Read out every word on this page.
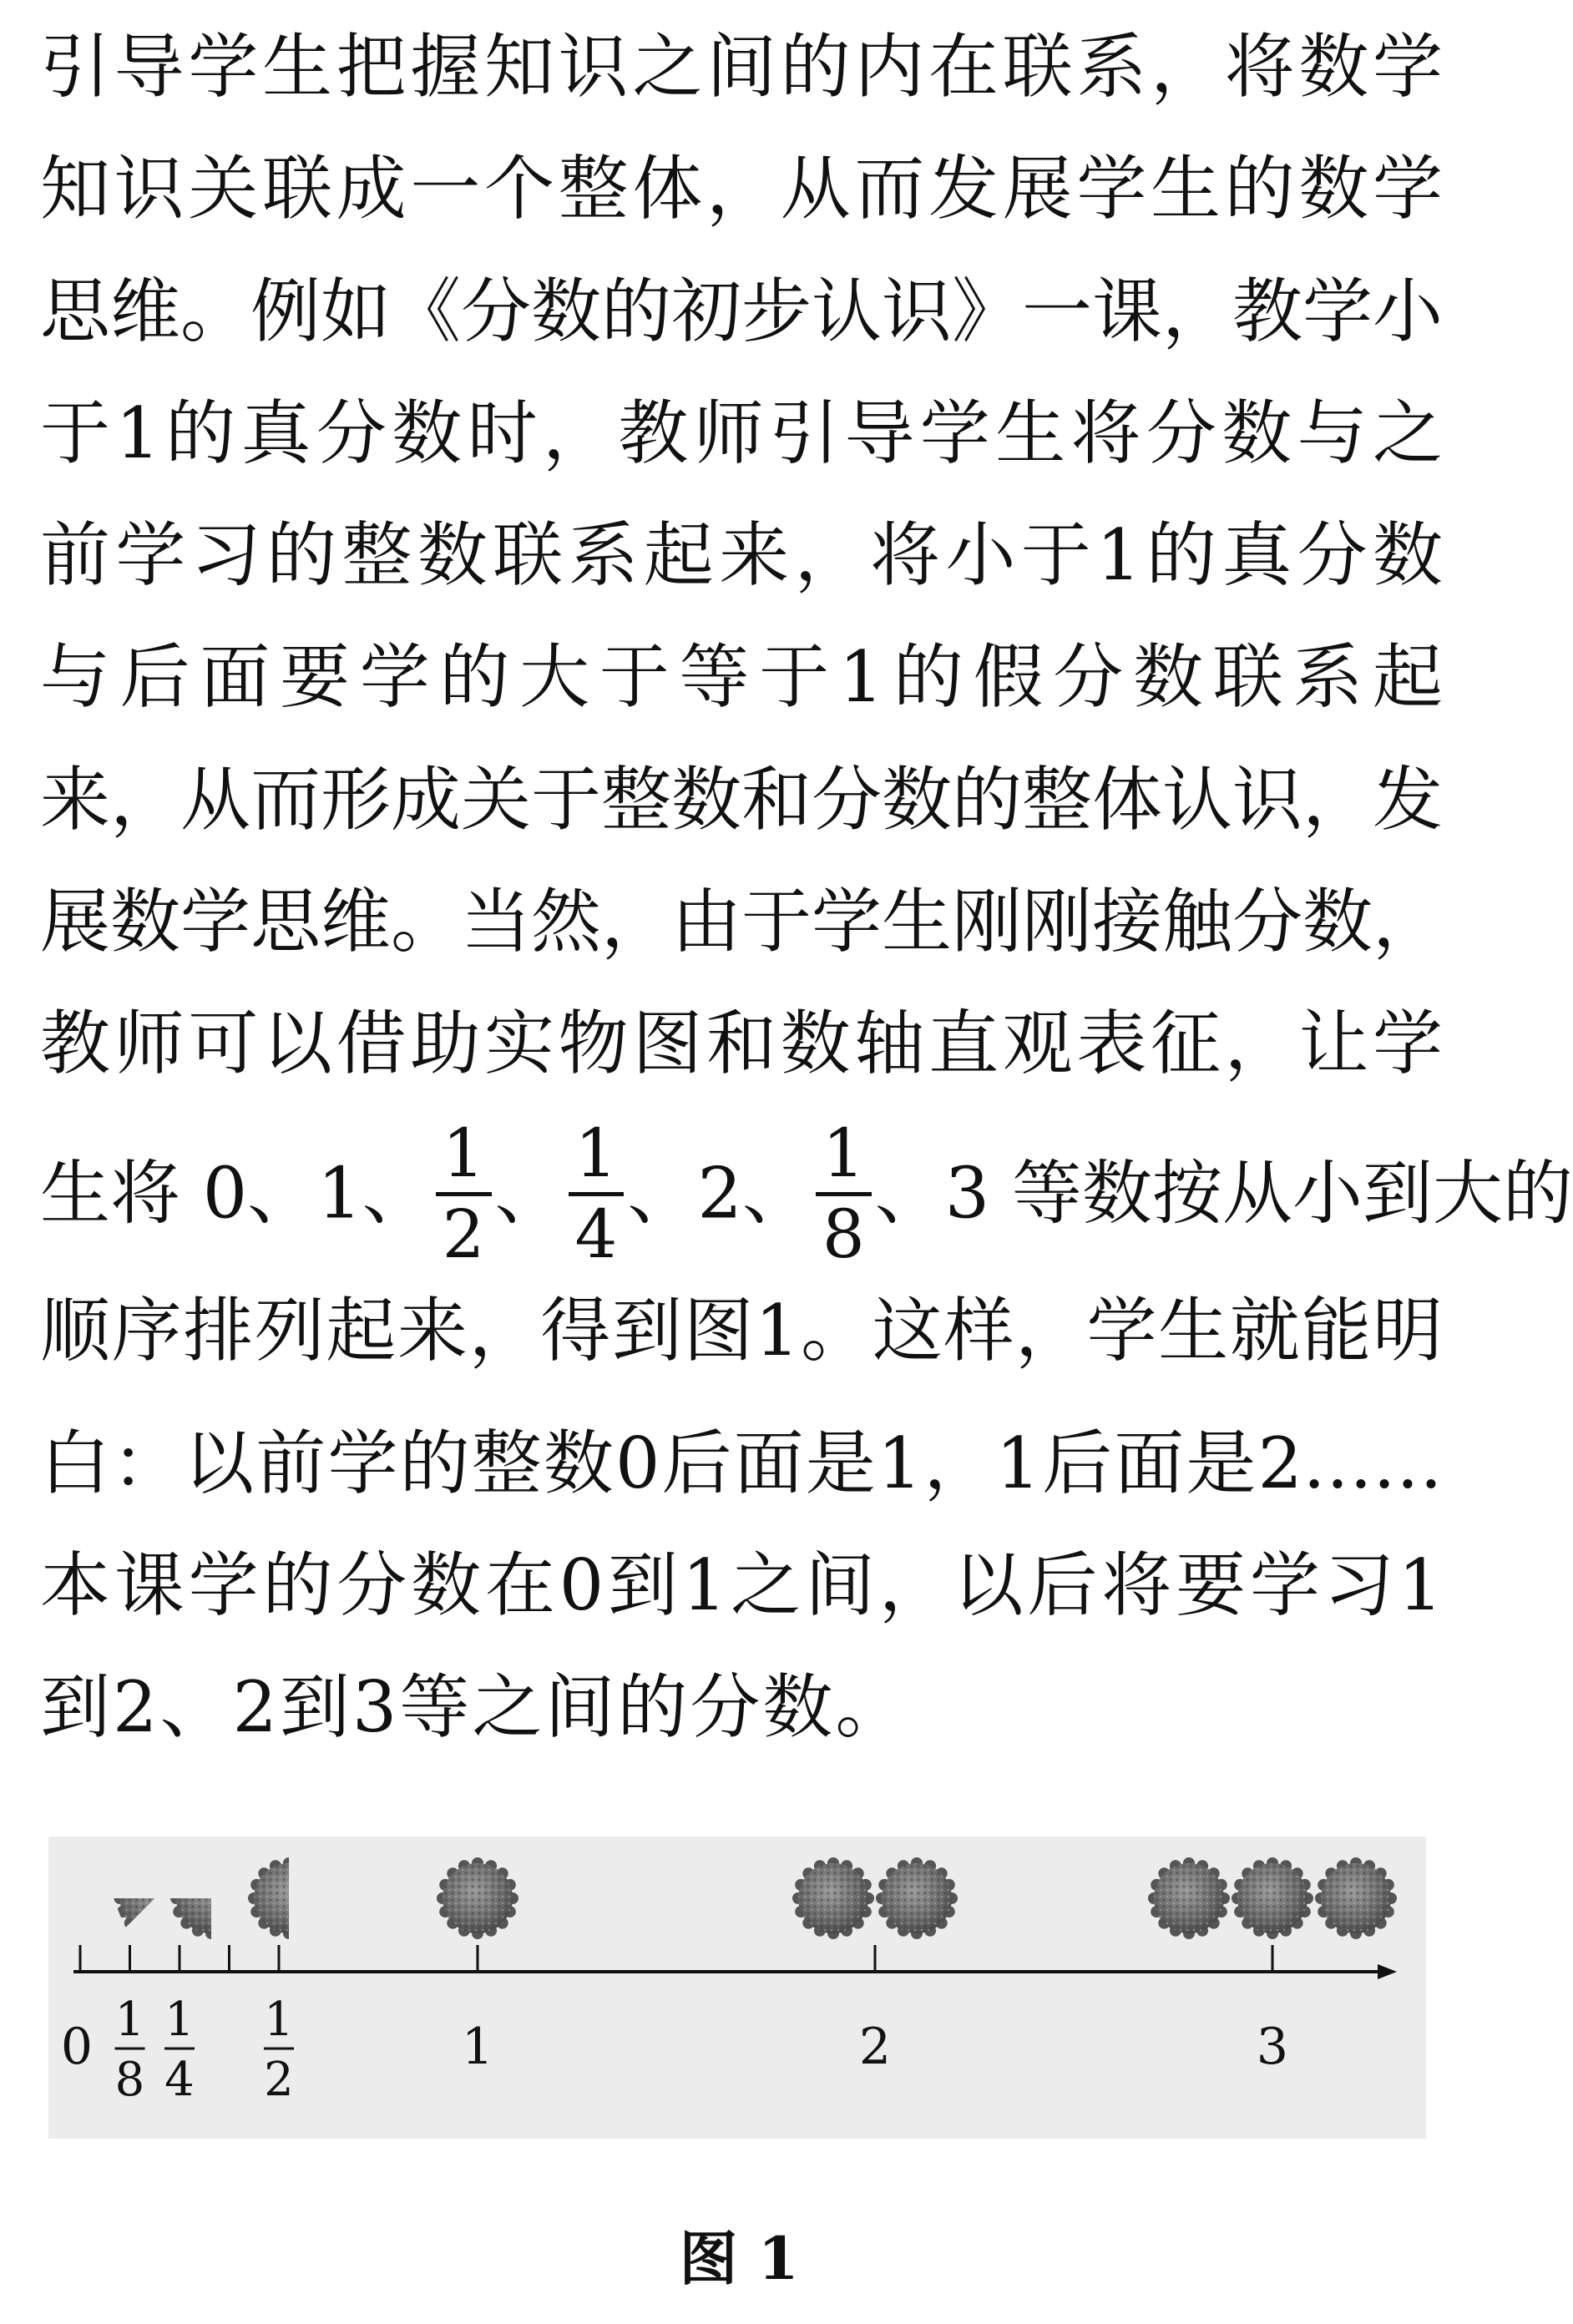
引导学生把握知识之间的内在联系，将数学
知识关联成一个整体，从而发展学生的数学
思维。例如《分数的初步认识》一课，教学小
于1的真分数时，教师引导学生将分数与之
前学习的整数联系起来，将小于1的真分数
与后面要学的大于等于1的假分数联系起
来，从而形成关于整数和分数的整体认识，发
展数学思维。当然，由于学生刚刚接触分数，
教师可以借助实物图和数轴直观表征，让学
生将 0、1、 $\frac{1}{2}$ 、 $\frac{1}{4}$ 、2、 $\frac{1}{8}$ 、3 等数按从小到大的
顺序排列起来，得到图1。这样，学生就能明
白：以前学的整数0后面是1，1后面是2……
本课学的分数在0到1之间，以后将要学习1
到2、2到3等之间的分数。
0 1
8
1
4
1
2
1	2	3
图 1
